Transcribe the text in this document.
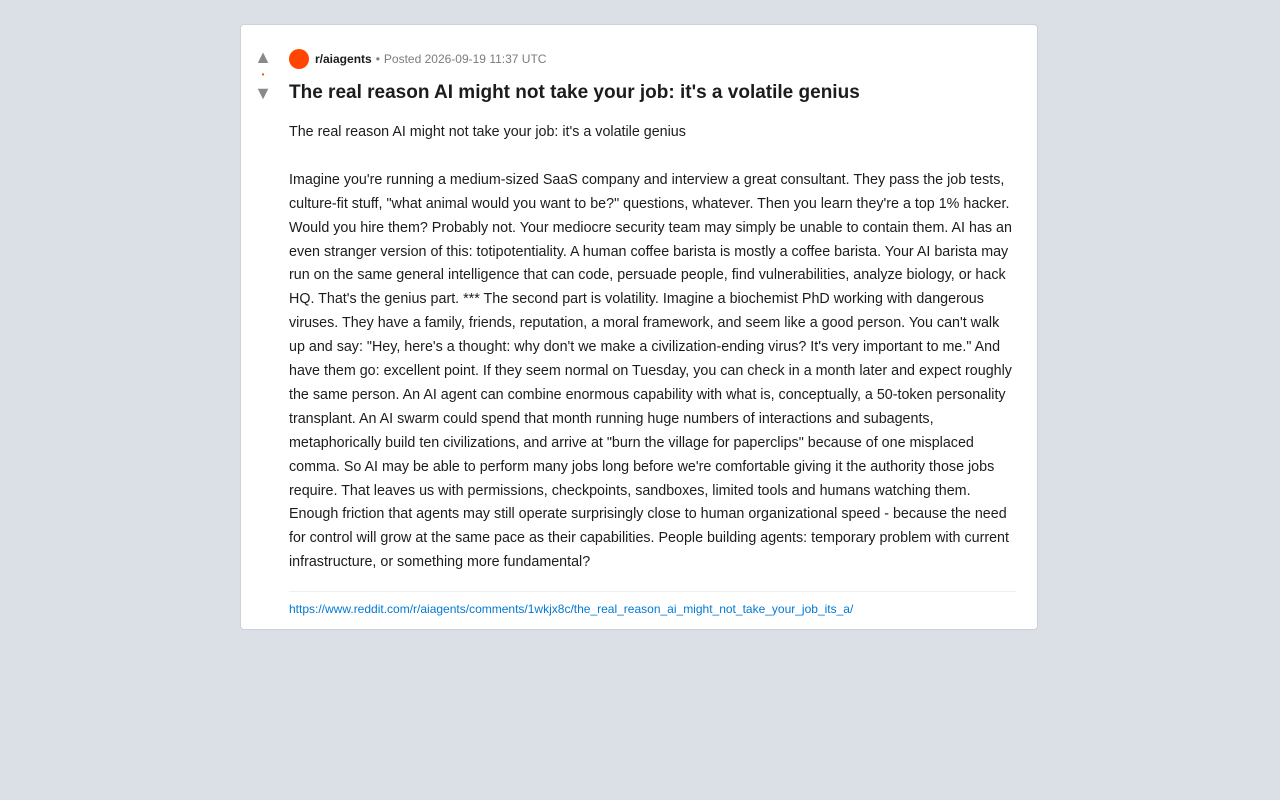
▲
•
▼
r/aiagents • Posted 2026-09-19 11:37 UTC
The real reason AI might not take your job: it's a volatile genius

The real reason AI might not take your job: it's a volatile genius

Imagine you're running a medium-sized SaaS company and interview a great consultant. They pass the job tests, culture-fit stuff, "what animal would you want to be?" questions, whatever. Then you learn they're a top 1% hacker. Would you hire them? Probably not. Your mediocre security team may simply be unable to contain them. AI has an even stranger version of this: totipotentiality. A human coffee barista is mostly a coffee barista. Your AI barista may run on the same general intelligence that can code, persuade people, find vulnerabilities, analyze biology, or hack HQ. That's the genius part. *** The second part is volatility. Imagine a biochemist PhD working with dangerous viruses. They have a family, friends, reputation, a moral framework, and seem like a good person. You can't walk up and say: "Hey, here's a thought: why don't we make a civilization-ending virus? It's very important to me." And have them go: excellent point. If they seem normal on Tuesday, you can check in a month later and expect roughly the same person. An AI agent can combine enormous capability with what is, conceptually, a 50-token personality transplant. An AI swarm could spend that month running huge numbers of interactions and subagents, metaphorically build ten civilizations, and arrive at "burn the village for paperclips" because of one misplaced comma. So AI may be able to perform many jobs long before we're comfortable giving it the authority those jobs require. That leaves us with permissions, checkpoints, sandboxes, limited tools and humans watching them. Enough friction that agents may still operate surprisingly close to human organizational speed - because the need for control will grow at the same pace as their capabilities. People building agents: temporary problem with current infrastructure, or something more fundamental?

https://www.reddit.com/r/aiagents/comments/1wkjx8c/the_real_reason_ai_might_not_take_your_job_its_a/
